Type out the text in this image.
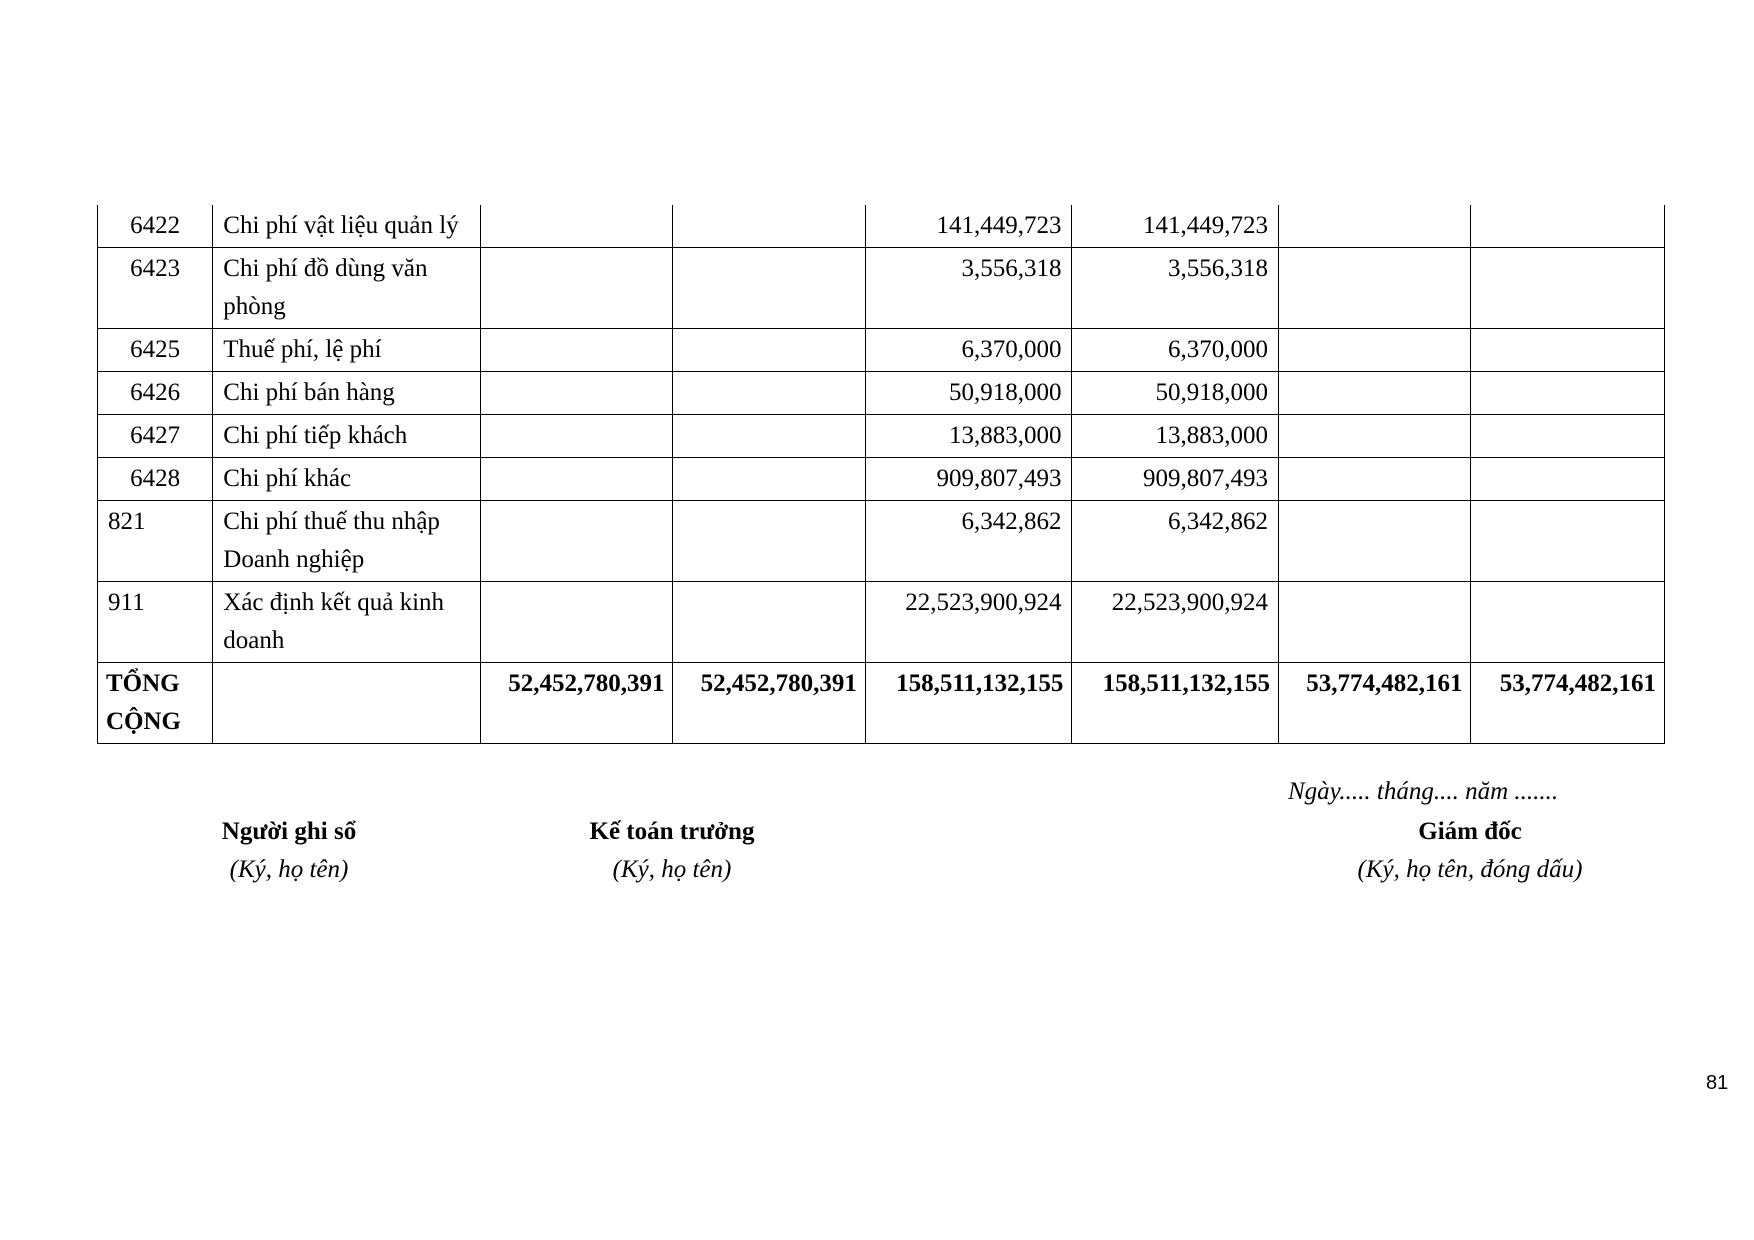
6422	Chi phí vật liệu quản lý			141,449,723	141,449,723		
6423	Chi phí đồ dùng văn phòng			3,556,318	3,556,318		
6425	Thuế phí, lệ phí			6,370,000	6,370,000		
6426	Chi phí bán hàng			50,918,000	50,918,000		
6427	Chi phí tiếp khách			13,883,000	13,883,000		
6428	Chi phí khác			909,807,493	909,807,493		
821	Chi phí thuế thu nhập Doanh nghiệp			6,342,862	6,342,862		
911	Xác định kết quả kinh doanh			22,523,900,924	22,523,900,924		
TỔNG CỘNG		52,452,780,391	52,452,780,391	158,511,132,155	158,511,132,155	53,774,482,161	53,774,482,161
Ngày..... tháng.... năm .......
Người ghi sổ
(Ký, họ tên)
Kế toán trưởng
(Ký, họ tên)
Giám đốc
(Ký, họ tên, đóng dấu)
81
